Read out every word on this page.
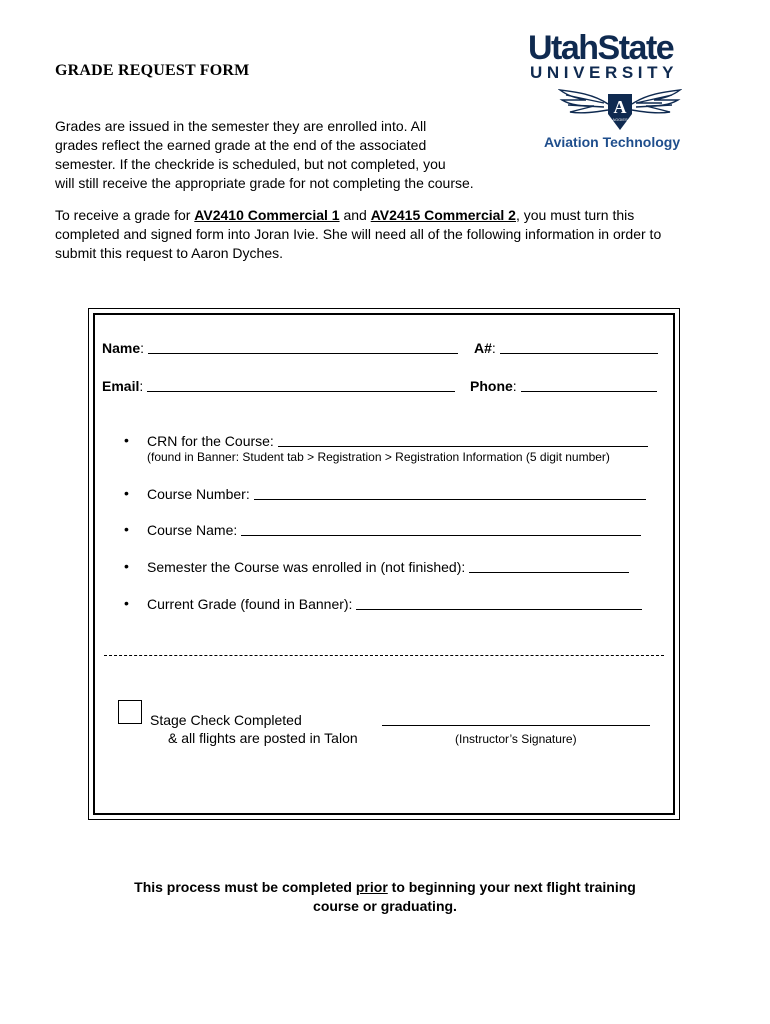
GRADE REQUEST FORM
Grades are issued in the semester they are enrolled into. All
grades reflect the earned grade at the end of the associated
semester. If the checkride is scheduled, but not completed, you
will still receive the appropriate grade for not completing the course.
UtahState
UNIVERSITY
A
AGGIES
Aviation Technology
To receive a grade for AV2410 Commercial 1 and AV2415 Commercial 2, you must turn this
completed and signed form into Joran Ivie. She will need all of the following information in order to
submit this request to Aaron Dyches.
Name:	A#:
Email:	Phone:
• CRN for the Course:
(found in Banner: Student tab > Registration > Registration Information (5 digit number)
• Course Number:
• Course Name:
• Semester the Course was enrolled in (not finished):
• Current Grade (found in Banner):
Stage Check Completed
& all flights are posted in Talon	(Instructor’s Signature)
This process must be completed prior to beginning your next flight training
course or graduating.
